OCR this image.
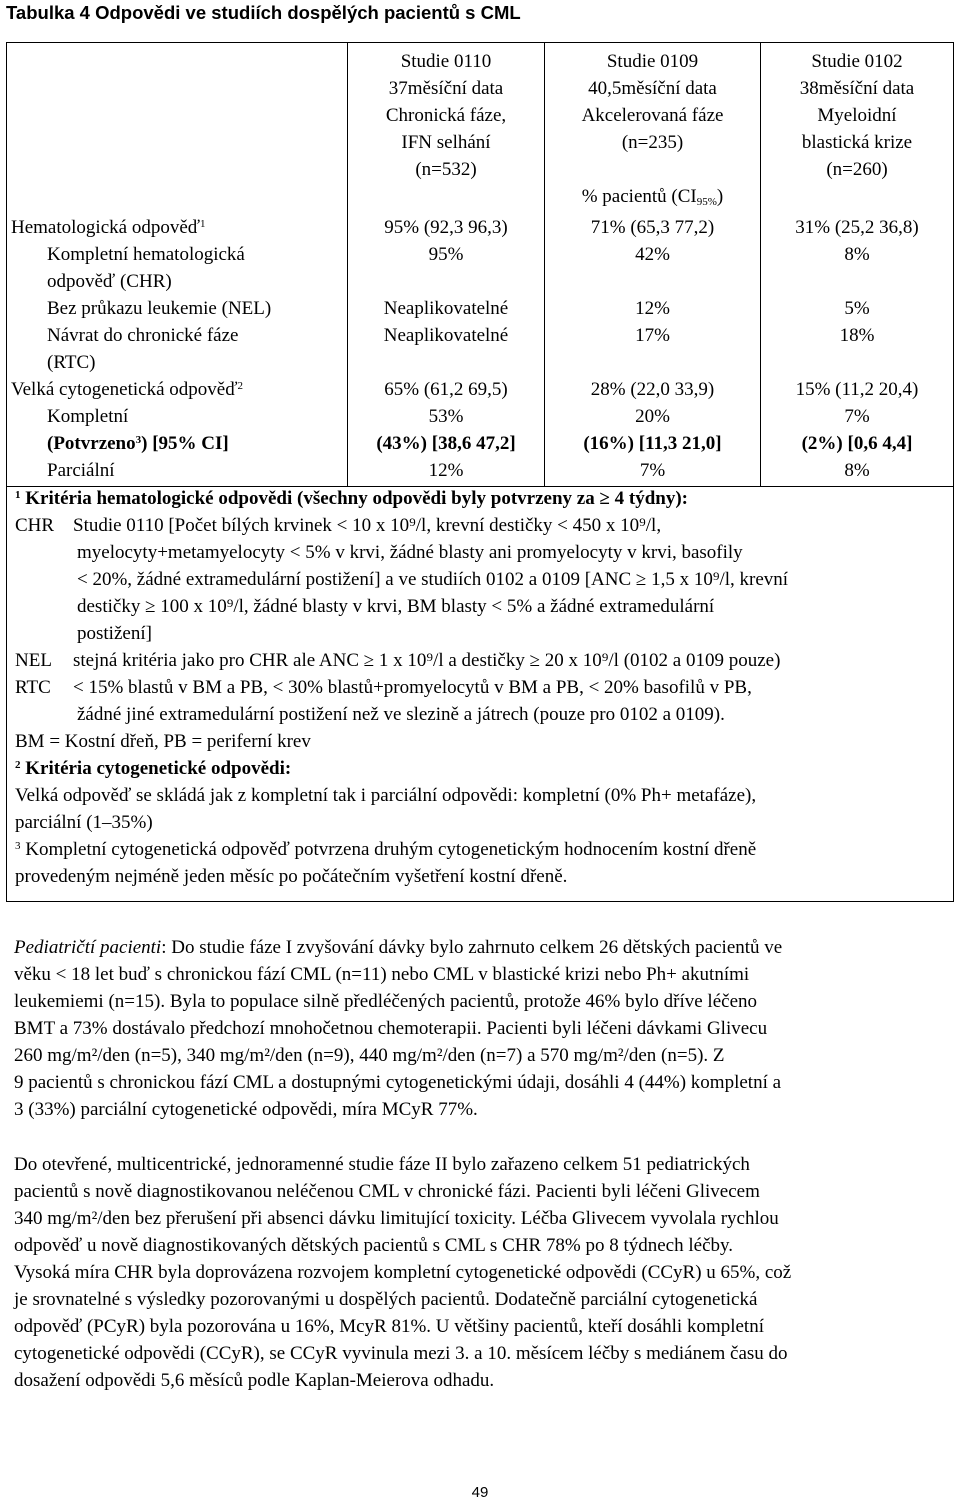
Tabulka 4 Odpovědi ve studiích dospělých pacientů s CML
Studie 0110
37měsíční data
Chronická fáze,
IFN selhání
(n=532)
Studie 0109
40,5měsíční data
Akcelerovaná fáze
(n=235)
% pacientů $(CI_{95\%})$
Studie 0102
38měsíční data
Myeloidní
blastická krize
(n=260)
Hematologická odpověď$^1$
Kompletní hematologická
odpověď (CHR)
Bez průkazu leukemie (NEL)
Návrat do chronické fáze
(RTC)
Velká cytogenetická odpověď$^2$
Kompletní
(Potvrzeno$^3$) [95% CI]
Parciální
95% (92,3 96,3)
95%
Neaplikovatelné
Neaplikovatelné
65% (61,2 69,5)
53%
(43%) [38,6 47,2]
12%
71% (65,3 77,2)
42%
12%
17%
28% (22,0 33,9)
20%
(16%) [11,3 21,0]
7%
31% (25,2 36,8)
8%
5%
18%
15% (11,2 20,4)
7%
(2%) [0,6 4,4]
8%
$^1$ Kritéria hematologické odpovědi (všechny odpovědi byly potvrzeny za ≥ 4 týdny):
CHR Studie 0110 [Počet bílých krvinek < 10 x 10⁹/l, krevní destičky < 450 x 10⁹/l,
myelocyty+metamyelocyty < 5% v krvi, žádné blasty ani promyelocyty v krvi, basofily
< 20%, žádné extramedulární postižení] a ve studiích 0102 a 0109 [ANC ≥ 1,5 x 10⁹/l, krevní
destičky ≥ 100 x 10⁹/l, žádné blasty v krvi, BM blasty < 5% a žádné extramedulární
postižení]
NEL stejná kritéria jako pro CHR ale ANC ≥ 1 x 10⁹/l a destičky ≥ 20 x 10⁹/l (0102 a 0109 pouze)
RTC < 15% blastů v BM a PB, < 30% blastů+promyelocytů v BM a PB, < 20% basofilů v PB,
žádné jiné extramedulární postižení než ve slezině a játrech (pouze pro 0102 a 0109).
BM = Kostní dřeň, PB = periferní krev
$^2$ Kritéria cytogenetické odpovědi:
Velká odpověď se skládá jak z kompletní tak i parciální odpovědi: kompletní (0% Ph+ metafáze),
parciální (1–35%)
$^3$ Kompletní cytogenetická odpověď potvrzena druhým cytogenetickým hodnocením kostní dřeně
provedeným nejméně jeden měsíc po počátečním vyšetření kostní dřeně.
Pediatričtí pacienti: Do studie fáze I zvyšování dávky bylo zahrnuto celkem 26 dětských pacientů ve
věku < 18 let buď s chronickou fází CML (n=11) nebo CML v blastické krizi nebo Ph+ akutními
leukemiemi (n=15). Byla to populace silně předléčených pacientů, protože 46% bylo dříve léčeno
BMT a 73% dostávalo předchozí mnohočetnou chemoterapii. Pacienti byli léčeni dávkami Glivecu
260 mg/m²/den (n=5), 340 mg/m²/den (n=9), 440 mg/m²/den (n=7) a 570 mg/m²/den (n=5). Z
9 pacientů s chronickou fází CML a dostupnými cytogenetickými údaji, dosáhli 4 (44%) kompletní a
3 (33%) parciální cytogenetické odpovědi, míra MCyR 77%.
Do otevřené, multicentrické, jednoramenné studie fáze II bylo zařazeno celkem 51 pediatrických
pacientů s nově diagnostikovanou neléčenou CML v chronické fázi. Pacienti byli léčeni Glivecem
340 mg/m²/den bez přerušení při absenci dávku limitující toxicity. Léčba Glivecem vyvolala rychlou
odpověď u nově diagnostikovaných dětských pacientů s CML s CHR 78% po 8 týdnech léčby.
Vysoká míra CHR byla doprovázena rozvojem kompletní cytogenetické odpovědi (CCyR) u 65%, což
je srovnatelné s výsledky pozorovanými u dospělých pacientů. Dodatečně parciální cytogenetická
odpověď (PCyR) byla pozorována u 16%, McyR 81%. U většiny pacientů, kteří dosáhli kompletní
cytogenetické odpovědi (CCyR), se CCyR vyvinula mezi 3. a 10. měsícem léčby s mediánem času do
dosažení odpovědi 5,6 měsíců podle Kaplan-Meierova odhadu.
49
